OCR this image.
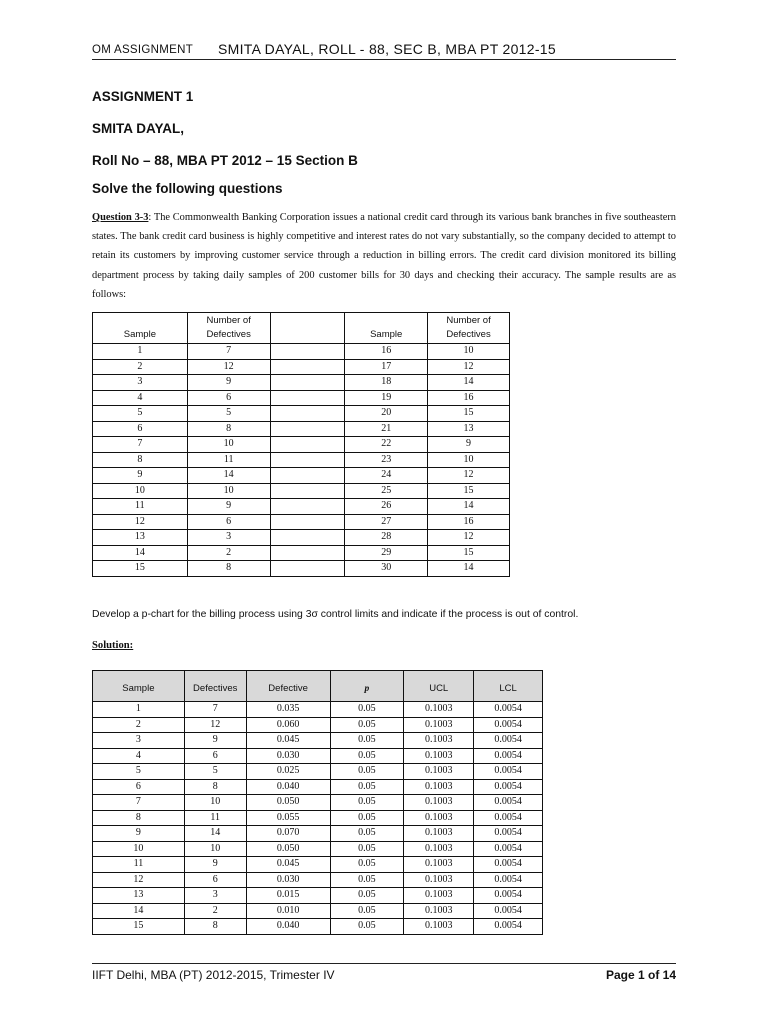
OM ASSIGNMENT SMITA DAYAL, ROLL - 88, SEC B, MBA PT 2012-15
ASSIGNMENT 1
SMITA DAYAL,
Roll No – 88, MBA PT 2012 – 15 Section B
Solve the following questions
Question 3-3: The Commonwealth Banking Corporation issues a national credit card through its various bank branches in five southeastern states. The bank credit card business is highly competitive and interest rates do not vary substantially, so the company decided to attempt to retain its customers by improving customer service through a reduction in billing errors. The credit card division monitored its billing department process by taking daily samples of 200 customer bills for 30 days and checking their accuracy. The sample results are as follows:
Sample	Number of Defectives		Sample	Number of Defectives
1	7		16	10
2	12		17	12
3	9		18	14
4	6		19	16
5	5		20	15
6	8		21	13
7	10		22	9
8	11		23	10
9	14		24	12
10	10		25	15
11	9		26	14
12	6		27	16
13	3		28	12
14	2		29	15
15	8		30	14
Develop a p-chart for the billing process using 3σ control limits and indicate if the process is out of control.
Solution:
Sample	Defectives	Defective	p	UCL	LCL
1	7	0.035	0.05	0.1003	0.0054
2	12	0.060	0.05	0.1003	0.0054
3	9	0.045	0.05	0.1003	0.0054
4	6	0.030	0.05	0.1003	0.0054
5	5	0.025	0.05	0.1003	0.0054
6	8	0.040	0.05	0.1003	0.0054
7	10	0.050	0.05	0.1003	0.0054
8	11	0.055	0.05	0.1003	0.0054
9	14	0.070	0.05	0.1003	0.0054
10	10	0.050	0.05	0.1003	0.0054
11	9	0.045	0.05	0.1003	0.0054
12	6	0.030	0.05	0.1003	0.0054
13	3	0.015	0.05	0.1003	0.0054
14	2	0.010	0.05	0.1003	0.0054
15	8	0.040	0.05	0.1003	0.0054
IIFT Delhi, MBA (PT) 2012-2015, Trimester IV	Page 1 of 14
